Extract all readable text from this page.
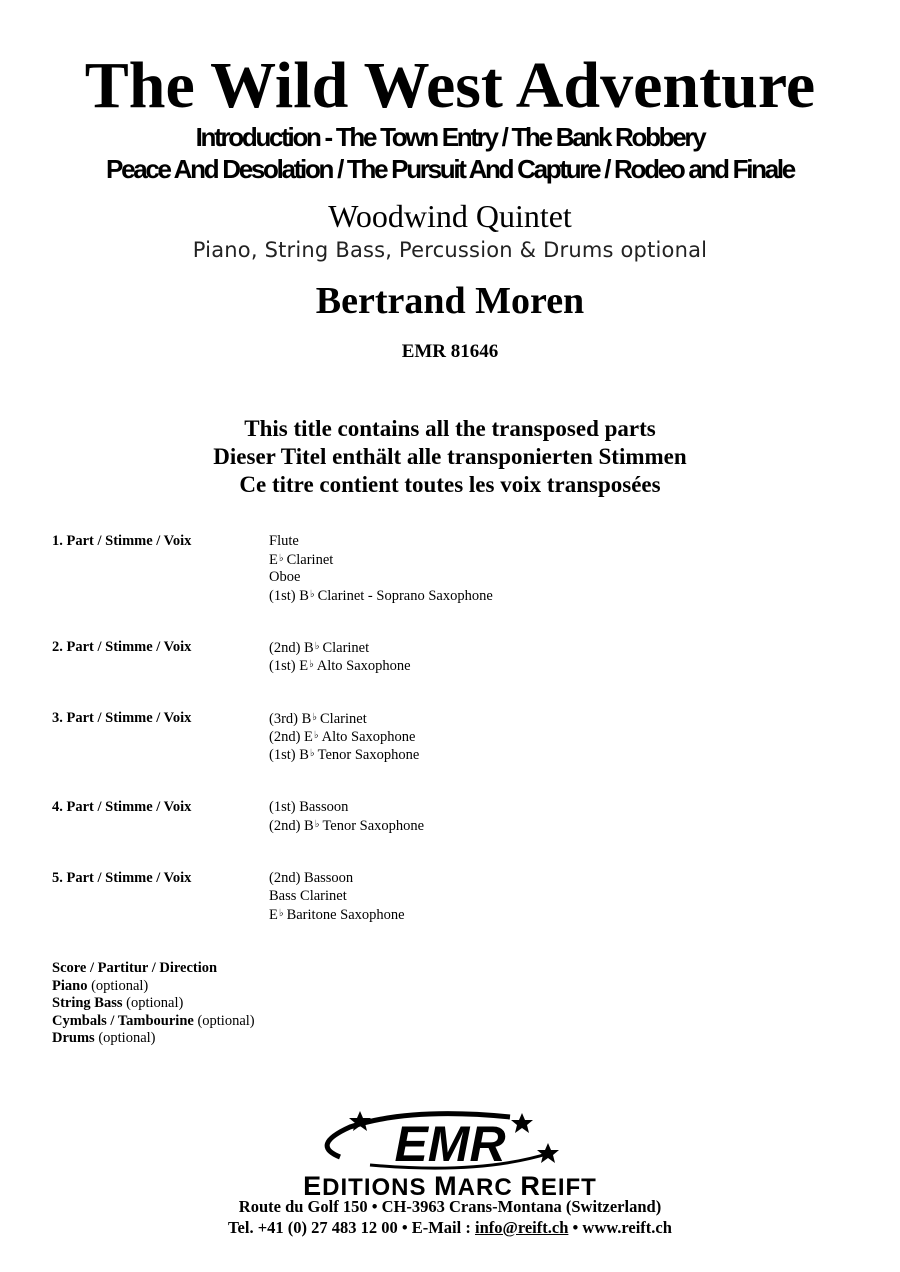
The Wild West Adventure
Introduction - The Town Entry / The Bank Robbery
Peace And Desolation / The Pursuit And Capture / Rodeo and Finale
Woodwind Quintet
Piano, String Bass, Percussion & Drums optional
Bertrand Moren
EMR 81646
This title contains all the transposed parts
Dieser Titel enthält alle transponierten Stimmen
Ce titre contient toutes les voix transposées
1. Part / Stimme / Voix	Flute
E♭ Clarinet
Oboe
(1st) B♭ Clarinet - Soprano Saxophone
2. Part / Stimme / Voix	(2nd) B♭ Clarinet
(1st) E♭ Alto Saxophone
3. Part / Stimme / Voix	(3rd) B♭ Clarinet
(2nd) E♭ Alto Saxophone
(1st) B♭ Tenor Saxophone
4. Part / Stimme / Voix	(1st) Bassoon
(2nd) B♭ Tenor Saxophone
5. Part / Stimme / Voix	(2nd) Bassoon
Bass Clarinet
E♭ Baritone Saxophone
Score / Partitur / Direction
Piano (optional)
String Bass (optional)
Cymbals / Tambourine (optional)
Drums (optional)
EMR
EDITIONS MARC REIFT
Route du Golf 150 • CH-3963 Crans-Montana (Switzerland)
Tel. +41 (0) 27 483 12 00 • E-Mail : info@reift.ch • www.reift.ch
